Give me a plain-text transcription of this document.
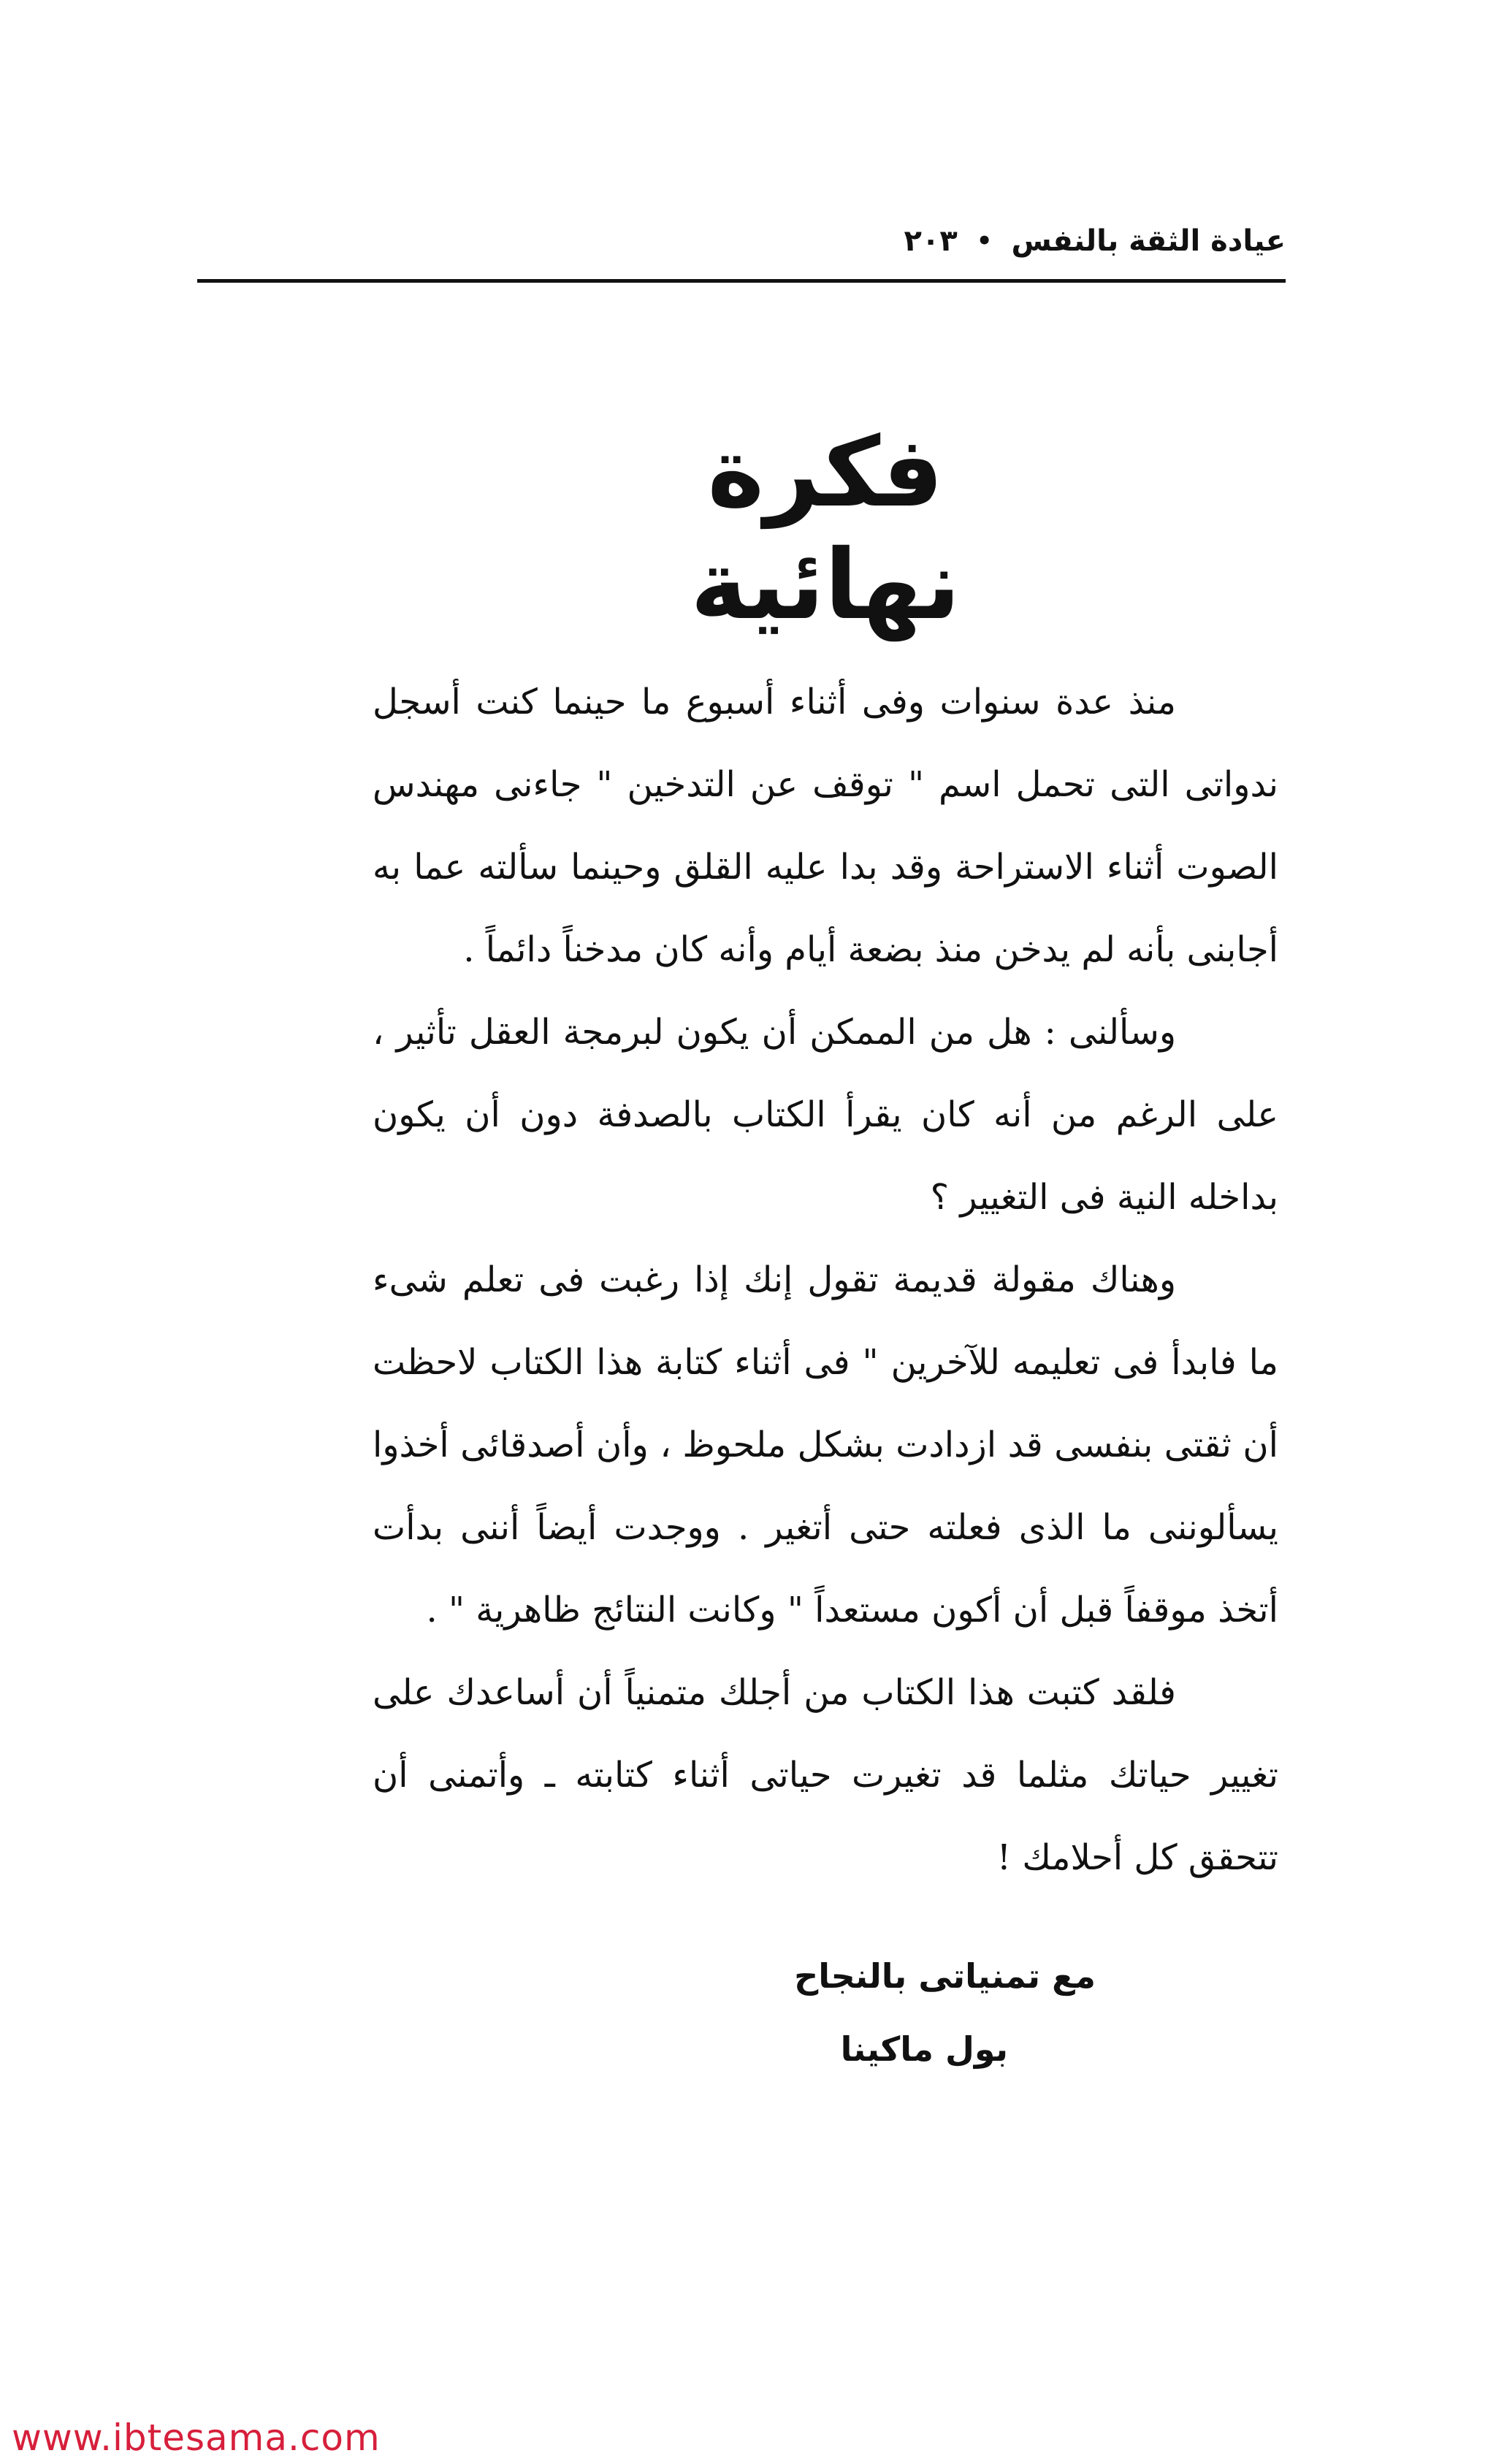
عيادة الثقة بالنفس
•
٢٠٣
فكرة نهائية

منذ عدة سنوات وفى أثناء أسبوع ما حينما كنت أسجل ندواتى التى تحمل اسم " توقف عن التدخين " جاءنى مهندس الصوت أثناء الاستراحة وقد بدا عليه القلق وحينما سألته عما به أجابنى بأنه لم يدخن منذ بضعة أيام وأنه كان مدخناً دائماً .

وسألنى : هل من الممكن أن يكون لبرمجة العقل تأثير ، على الرغم من أنه كان يقرأ الكتاب بالصدفة دون أن يكون بداخله النية فى التغيير ؟

وهناك مقولة قديمة تقول إنك إذا رغبت فى تعلم شىء ما فابدأ فى تعليمه للآخرين " فى أثناء كتابة هذا الكتاب لاحظت أن ثقتى بنفسى قد ازدادت بشكل ملحوظ ، وأن أصدقائى أخذوا يسألوننى ما الذى فعلته حتى أتغير . ووجدت أيضاً أننى بدأت أتخذ موقفاً قبل أن أكون مستعداً " وكانت النتائج ظاهرية " .

فلقد كتبت هذا الكتاب من أجلك متمنياً أن أساعدك على تغيير حياتك مثلما قد تغيرت حياتى أثناء كتابته ـ وأتمنى أن تتحقق كل أحلامك !

مع تمنياتى بالنجاح
بول ماكينا
www.ibtesama.com
